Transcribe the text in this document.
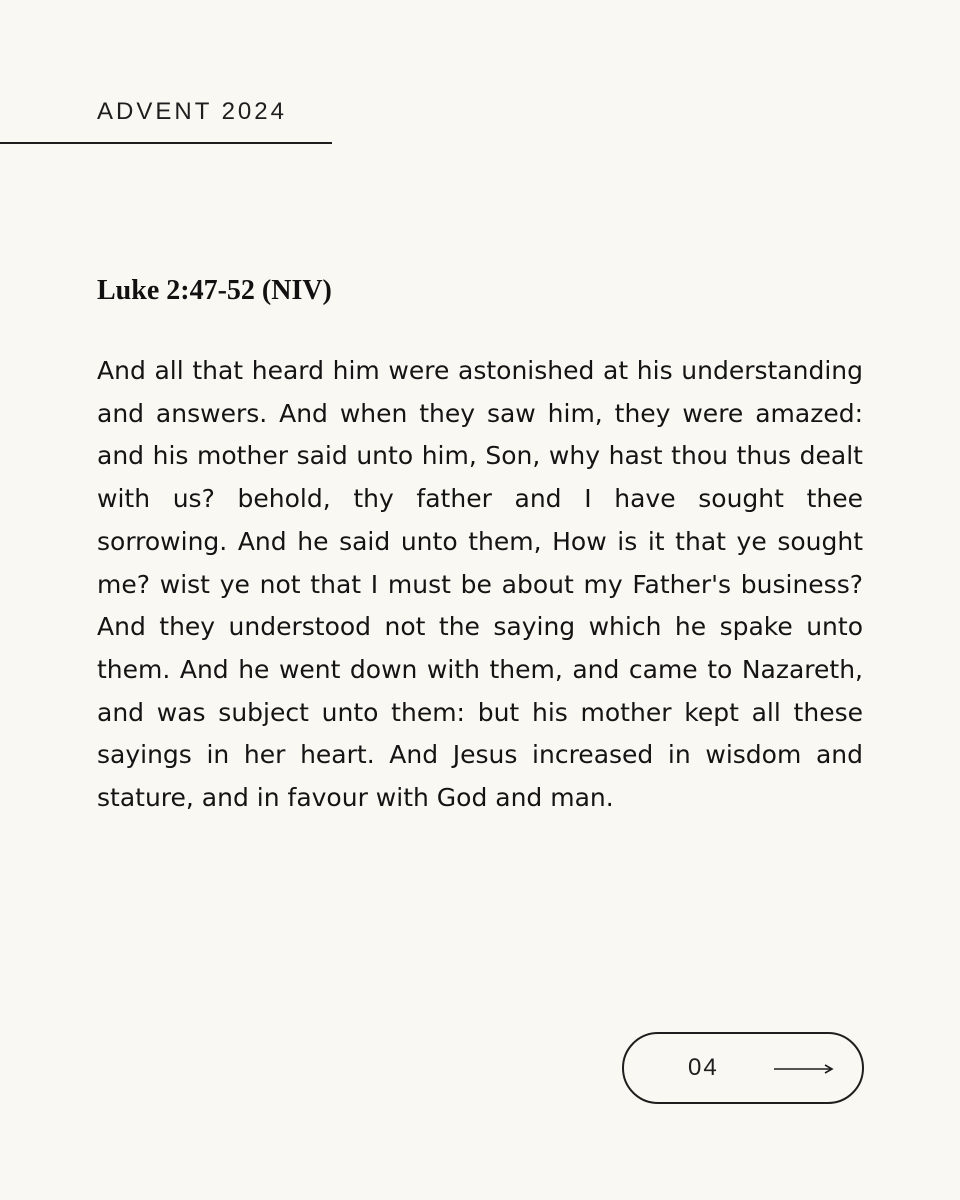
ADVENT 2024
Luke 2:47-52 (NIV)

And all that heard him were astonished at his understanding and answers. And when they saw him, they were amazed: and his mother said unto him, Son, why hast thou thus dealt with us? behold, thy father and I have sought thee sorrowing. And he said unto them, How is it that ye sought me? wist ye not that I must be about my Father's business? And they understood not the saying which he spake unto them. And he went down with them, and came to Nazareth, and was subject unto them: but his mother kept all these sayings in her heart. And Jesus increased in wisdom and stature, and in favour with God and man.

04
